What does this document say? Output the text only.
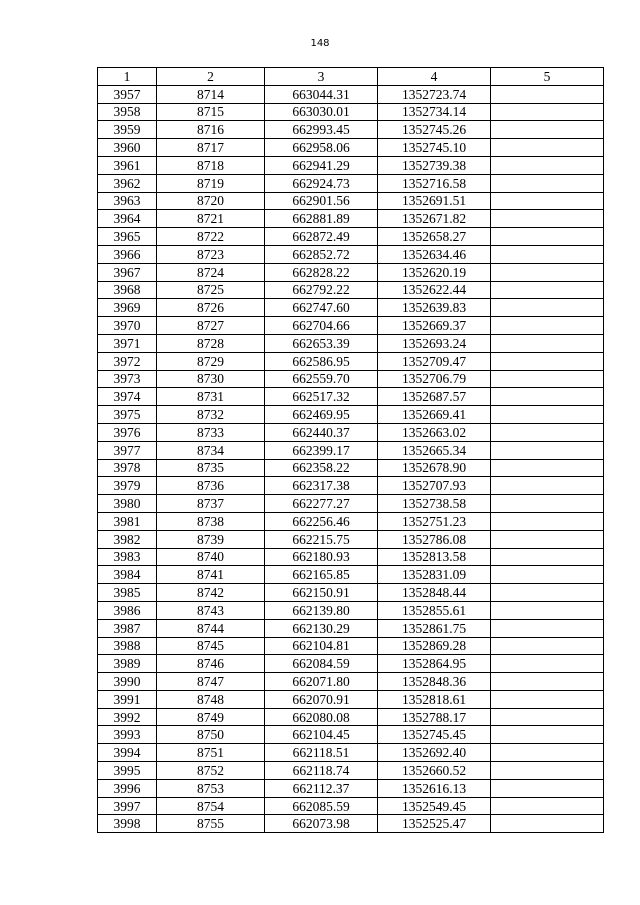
148
1	2	3	4	5
3957	8714	663044.31	1352723.74	
3958	8715	663030.01	1352734.14	
3959	8716	662993.45	1352745.26	
3960	8717	662958.06	1352745.10	
3961	8718	662941.29	1352739.38	
3962	8719	662924.73	1352716.58	
3963	8720	662901.56	1352691.51	
3964	8721	662881.89	1352671.82	
3965	8722	662872.49	1352658.27	
3966	8723	662852.72	1352634.46	
3967	8724	662828.22	1352620.19	
3968	8725	662792.22	1352622.44	
3969	8726	662747.60	1352639.83	
3970	8727	662704.66	1352669.37	
3971	8728	662653.39	1352693.24	
3972	8729	662586.95	1352709.47	
3973	8730	662559.70	1352706.79	
3974	8731	662517.32	1352687.57	
3975	8732	662469.95	1352669.41	
3976	8733	662440.37	1352663.02	
3977	8734	662399.17	1352665.34	
3978	8735	662358.22	1352678.90	
3979	8736	662317.38	1352707.93	
3980	8737	662277.27	1352738.58	
3981	8738	662256.46	1352751.23	
3982	8739	662215.75	1352786.08	
3983	8740	662180.93	1352813.58	
3984	8741	662165.85	1352831.09	
3985	8742	662150.91	1352848.44	
3986	8743	662139.80	1352855.61	
3987	8744	662130.29	1352861.75	
3988	8745	662104.81	1352869.28	
3989	8746	662084.59	1352864.95	
3990	8747	662071.80	1352848.36	
3991	8748	662070.91	1352818.61	
3992	8749	662080.08	1352788.17	
3993	8750	662104.45	1352745.45	
3994	8751	662118.51	1352692.40	
3995	8752	662118.74	1352660.52	
3996	8753	662112.37	1352616.13	
3997	8754	662085.59	1352549.45	
3998	8755	662073.98	1352525.47	
